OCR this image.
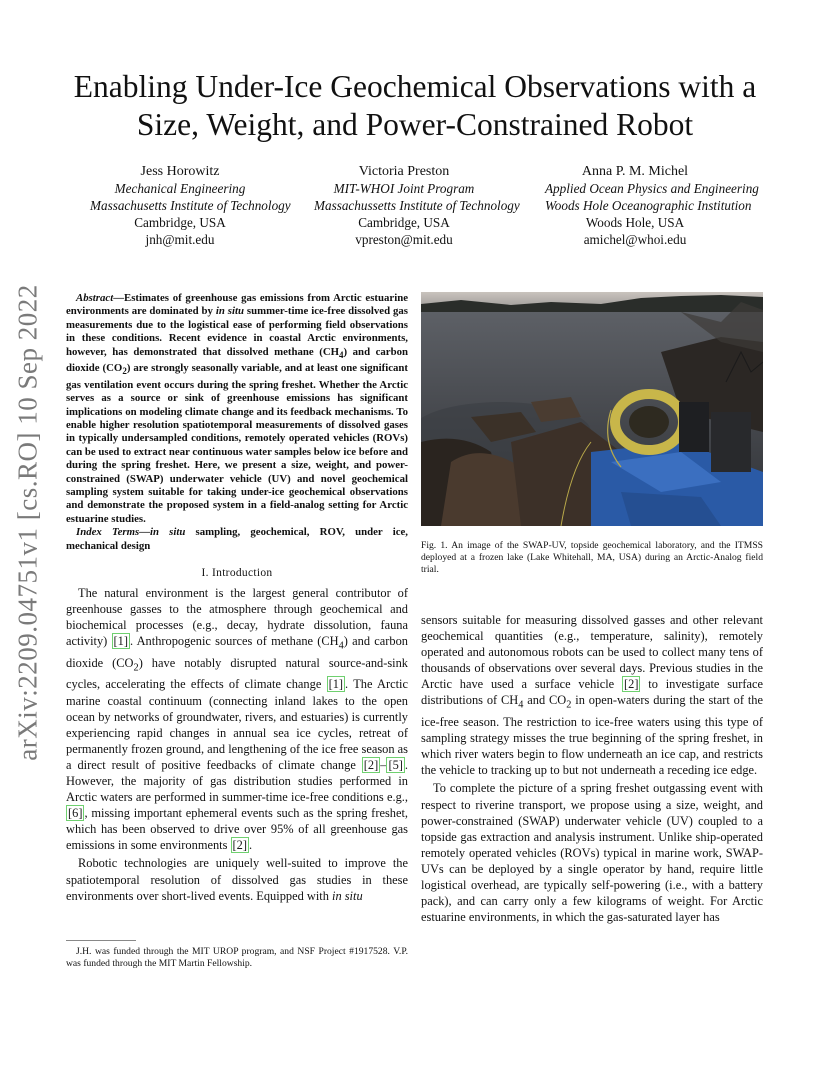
arXiv:2209.04751v1 [cs.RO] 10 Sep 2022
Enabling Under-Ice Geochemical Observations with a Size, Weight, and Power-Constrained Robot
Jess Horowitz
Mechanical Engineering
Massachusetts Institute of Technology
Cambridge, USA
jnh@mit.edu
Victoria Preston
MIT-WHOI Joint Program
Massachussetts Institute of Technology
Cambridge, USA
vpreston@mit.edu
Anna P. M. Michel
Applied Ocean Physics and Engineering
Woods Hole Oceanographic Institution
Woods Hole, USA
amichel@whoi.edu
Abstract—Estimates of greenhouse gas emissions from Arctic estuarine environments are dominated by in situ summer-time ice-free dissolved gas measurements due to the logistical ease of performing field observations in these conditions. Recent evidence in coastal Arctic environments, however, has demonstrated that dissolved methane $(CH_4)$ and carbon dioxide $(CO_2)$ are strongly seasonally variable, and at least one significant gas ventilation event occurs during the spring freshet. Whether the Arctic serves as a source or sink of greenhouse emissions has significant implications on modeling climate change and its feedback mechanisms. To enable higher resolution spatiotemporal measurements of dissolved gases in typically undersampled conditions, remotely operated vehicles (ROVs) can be used to extract near continuous water samples below ice before and during the spring freshet. Here, we present a size, weight, and power-constrained (SWAP) underwater vehicle (UV) and novel geochemical sampling system suitable for taking under-ice geochemical observations and demonstrate the proposed system in a field-analog setting for Arctic estuarine studies.
Index Terms—in situ sampling, geochemical, ROV, under ice, mechanical design
I. Introduction

The natural environment is the largest general contributor of greenhouse gasses to the atmosphere through geochemical and biochemical processes (e.g., decay, hydrate dissolution, fauna activity) [1] . Anthropogenic sources of methane $(CH_4)$ and carbon dioxide $(CO_2)$ have notably disrupted natural source-and-sink cycles, accelerating the effects of climate change [1] . The Arctic marine coastal continuum (connecting inland lakes to the open ocean by networks of groundwater, rivers, and estuaries) is currently experiencing rapid changes in annual sea ice cycles, retreat of permanently frozen ground, and lengthening of the ice free season as a direct result of positive feedbacks of climate change [2] – [5] . However, the majority of gas distribution studies performed in Arctic waters are performed in summer-time ice-free conditions e.g., [6] , missing important ephemeral events such as the spring freshet, which has been observed to drive over 95% of all greenhouse gas emissions in some environments [2] .

Robotic technologies are uniquely well-suited to improve the spatiotemporal resolution of dissolved gas studies in these environments over short-lived events. Equipped with in situ

J.H. was funded through the MIT UROP program, and NSF Project #1917528. V.P. was funded through the MIT Martin Fellowship.
Fig. 1. An image of the SWAP-UV, topside geochemical laboratory, and the ITMSS deployed at a frozen lake (Lake Whitehall, MA, USA) during an Arctic-Analog field trial.

sensors suitable for measuring dissolved gasses and other relevant geochemical quantities (e.g., temperature, salinity), remotely operated and autonomous robots can be used to collect many tens of thousands of observations over several days. Previous studies in the Arctic have used a surface vehicle [2] to investigate surface distributions of $CH_4$ and $CO_2$ in open-waters during the start of the ice-free season. The restriction to ice-free waters using this type of sampling strategy misses the true beginning of the spring freshet, in which river waters begin to flow underneath an ice cap, and restricts the vehicle to tracking up to but not underneath a receding ice edge.

To complete the picture of a spring freshet outgassing event with respect to riverine transport, we propose using a size, weight, and power-constrained (SWAP) underwater vehicle (UV) coupled to a topside gas extraction and analysis instrument. Unlike ship-operated remotely operated vehicles (ROVs) typical in marine work, SWAP-UVs can be deployed by a single operator by hand, require little logistical overhead, are typically self-powering (i.e., with a battery pack), and can carry only a few kilograms of weight. For Arctic estuarine environments, in which the gas-saturated layer has
